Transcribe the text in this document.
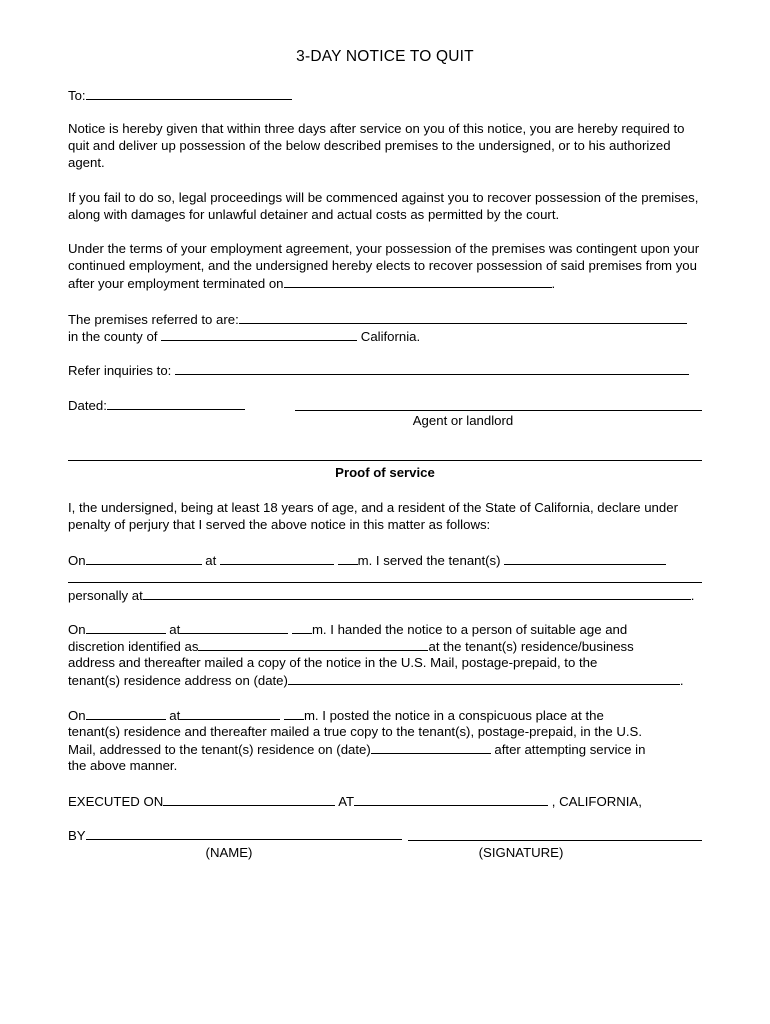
3-DAY NOTICE TO QUIT
To:
Notice is hereby given that within three days after service on you of this notice, you are hereby required to quit and deliver up possession of the below described premises to the undersigned, or to his authorized agent.
If you fail to do so, legal proceedings will be commenced against you to recover possession of the premises, along with damages for unlawful detainer and actual costs as permitted by the court.
Under the terms of your employment agreement, your possession of the premises was contingent upon your continued employment, and the undersigned hereby elects to recover possession of said premises from you after your employment terminated on	.
The premises referred to are:
in the county of	California.
Refer inquiries to:
Dated:
Agent or landlord
Proof of service
I, the undersigned, being at least 18 years of age, and a resident of the State of California, declare under penalty of perjury that I served the above notice in this matter as follows:
On	at	m. I served the tenant(s)
personally at	.
On	at	m. I handed the notice to a person of suitable age and
discretion identified as	at the tenant(s) residence/business
address and thereafter mailed a copy of the notice in the U.S. Mail, postage-prepaid, to the
tenant(s) residence address on (date)	.
On	at	m. I posted the notice in a conspicuous place at the
tenant(s) residence and thereafter mailed a true copy to the tenant(s), postage-prepaid, in the U.S.
Mail, addressed to the tenant(s) residence on (date)	after attempting service in
the above manner.
EXECUTED ON	AT	, CALIFORNIA,
BY
(NAME)	(SIGNATURE)
